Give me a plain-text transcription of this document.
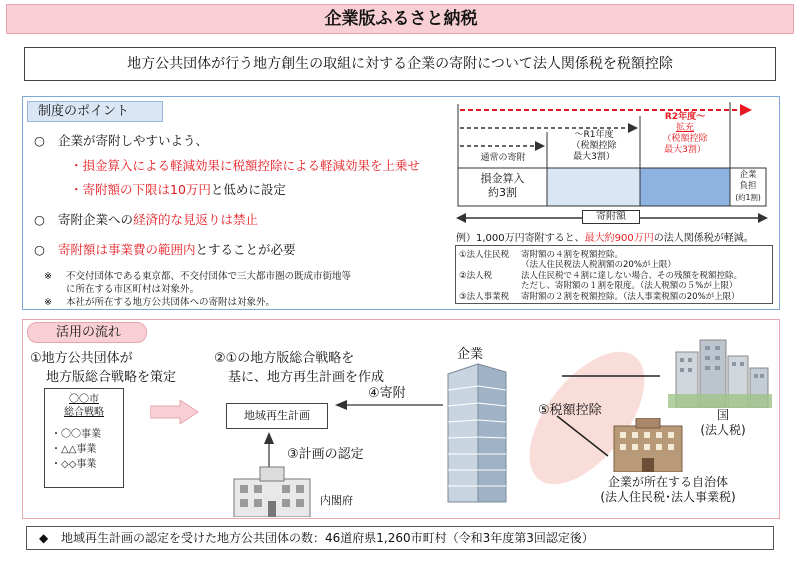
企業版ふるさと納税
地方公共団体が行う地方創生の取組に対する企業の寄附について法人関係税を税額控除
制度のポイント
○ 企業が寄附しやすいよう、
・損金算入による軽減効果に税額控除による軽減効果を上乗せ
・寄附額の下限は10万円と低めに設定
○ 寄附企業への経済的な見返りは禁止
○ 寄附額は事業費の範囲内とすることが必要
※ 不交付団体である東京都、不交付団体で三大都市圏の既成市街地等
に所在する市区町村は対象外。
※ 本社が所在する地方公共団体への寄附は対象外。
通常の寄附
～R1年度
（税額控除
最大3割）
R2年度～
拡充
（税額控除
最大3割）
損金算入
約3割
企業
負担
(約1割)
寄附額
例）1,000万円寄附すると、最大約900万円の法人関係税が軽減。
①法人住民税 寄附額の４割を税額控除。
（法人住民税法人税割額の20%が上限）
②法人税	法人住民税で４割に達しない場合、その残額を税額控除。
ただし、寄附額の１割を限度。（法人税額の５%が上限）
③法人事業税 寄附額の２割を税額控除。（法人事業税額の20%が上限）
活用の流れ
①地方公共団体が
地方版総合戦略を策定
〇〇市
総合戦略
・〇〇事業
・△△事業
・◇◇事業
②①の地方版総合戦略を
基に、地方再生計画を作成
地域再生計画
④寄附
③計画の認定
内閣府
企業
⑤税額控除	国
(法人税)
企業が所在する自治体
(法人住民税･法人事業税)
◆ 地域再生計画の認定を受けた地方公共団体の数：46道府県1,260市町村（令和3年度第3回認定後）
